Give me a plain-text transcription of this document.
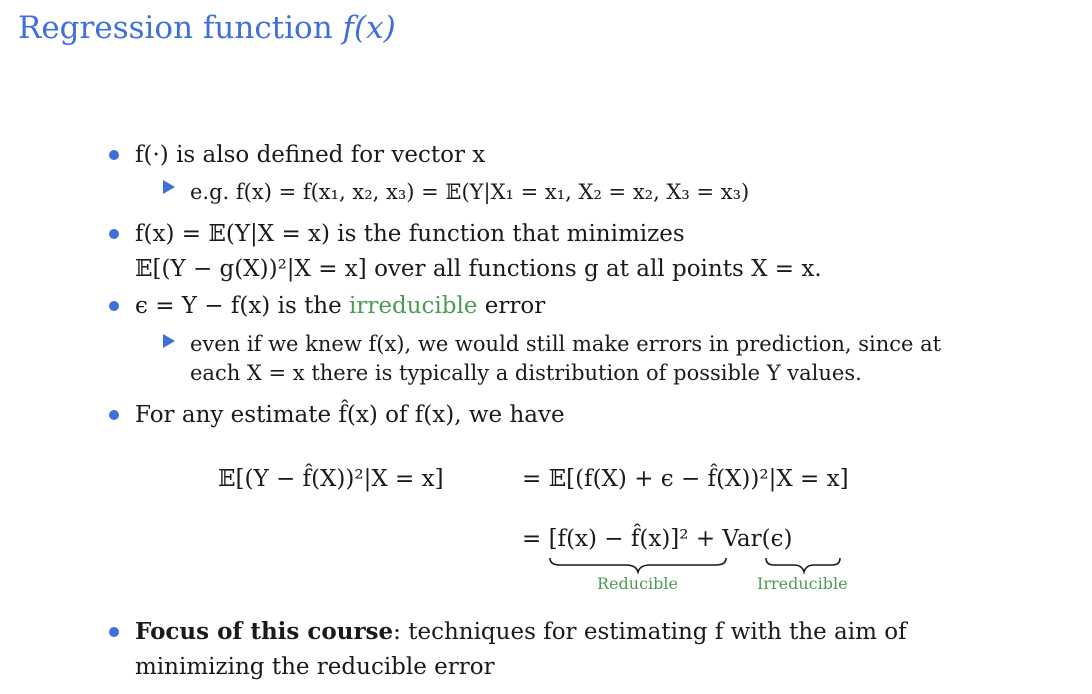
Regression function f(x)
f(·) is also defined for vector x
e.g. f(x) = f(x₁, x₂, x₃) = 𝔼(Y|X₁ = x₁, X₂ = x₂, X₃ = x₃)
f(x) = 𝔼(Y|X = x) is the function that minimizes
𝔼[(Y − g(X))²|X = x] over all functions g at all points X = x.
ϵ = Y − f(x) is the irreducible error
even if we knew f(x), we would still make errors in prediction, since at
each X = x there is typically a distribution of possible Y values.
For any estimate f̂(x) of f(x), we have
𝔼[(Y − f̂(X))²|X = x]	= 𝔼[(f(X) + ϵ − f̂(X))²|X = x]
= [f(x) − f̂(x)]² + Var(ϵ)
Reducible	Irreducible
Focus of this course: techniques for estimating f with the aim of
minimizing the reducible error
